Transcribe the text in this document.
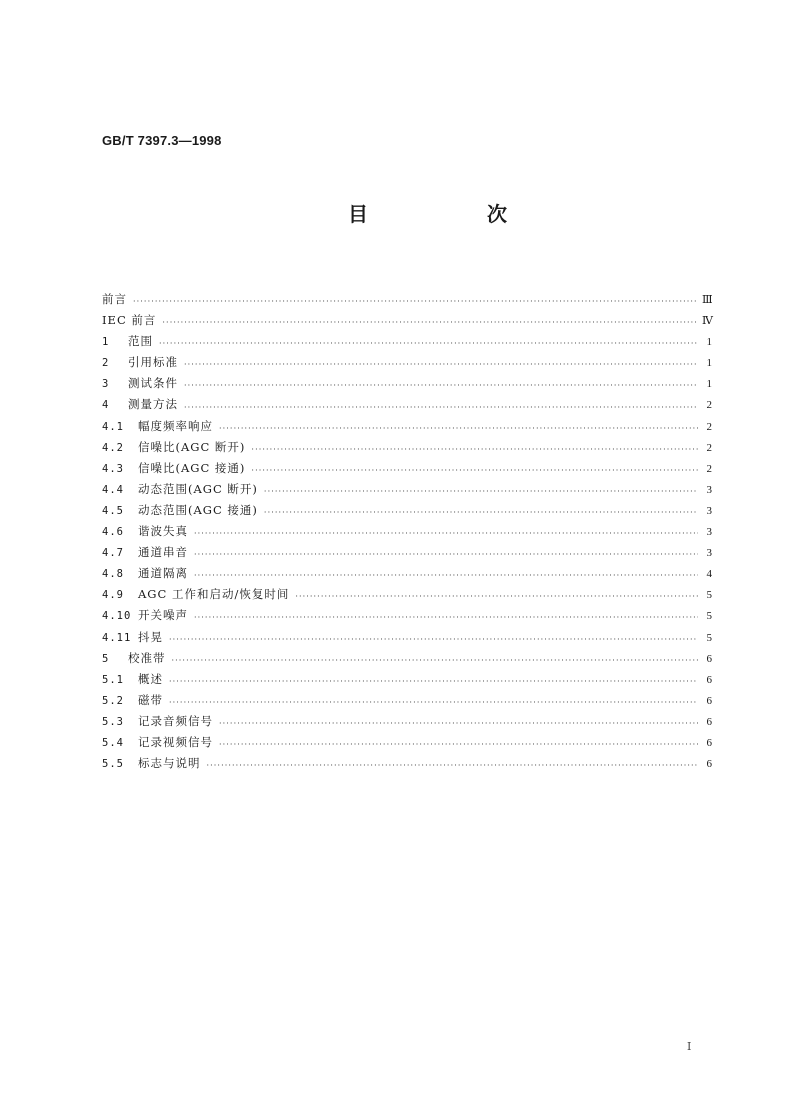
GB/T 7397.3—1998
目 次
前言 ·····	Ⅲ
IEC 前言 ·····	Ⅳ
1	范围 ·····	1
2	引用标准 ·····	1
3	测试条件 ·····	1
4	测量方法 ·····	2
4.1	幅度频率响应 ·····	2
4.2	信噪比(AGC 断开) ·····	2
4.3	信噪比(AGC 接通) ·····	2
4.4	动态范围(AGC 断开) ·····	3
4.5	动态范围(AGC 接通) ·····	3
4.6	谐波失真 ·····	3
4.7	通道串音 ·····	3
4.8	通道隔离 ·····	4
4.9	AGC 工作和启动/恢复时间 ·····	5
4.10 开关噪声 ·····	5
4.11 抖晃 ·····	5
5	校准带 ·····	6
5.1	概述 ·····	6
5.2	磁带 ·····	6
5.3	记录音频信号 ·····	6
5.4	记录视频信号 ·····	6
5.5	标志与说明 ·····	6
Ⅰ
